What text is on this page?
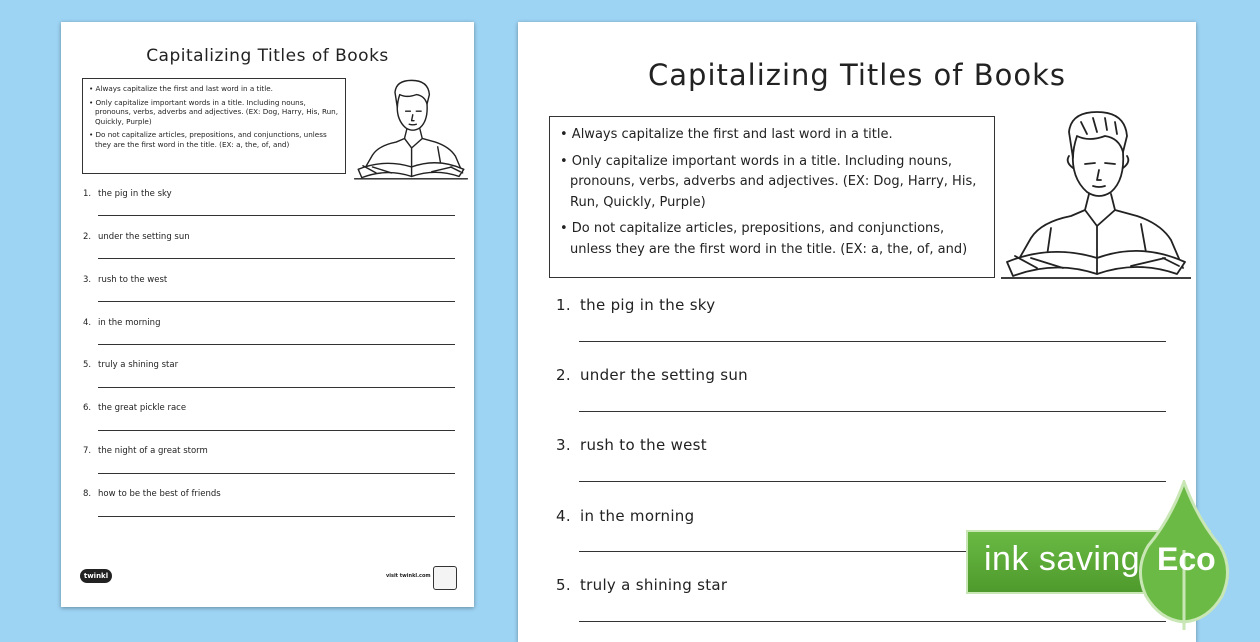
Capitalizing Titles of Books

• Always capitalize the first and last word in a title.

• Only capitalize important words in a title. Including nouns, pronouns, verbs, adverbs and adjectives. (EX: Dog, Harry, His, Run, Quickly, Purple)

• Do not capitalize articles, prepositions, and conjunctions, unless they are the first word in the title. (EX: a, the, of, and)

1. the pig in the sky
2. under the setting sun
3. rush to the west
4. in the morning
5. truly a shining star
6. the great pickle race
7. the night of a great storm
8. how to be the best of friends
twinkl	visit twinkl.com
Capitalizing Titles of Books

• Always capitalize the first and last word in a title.

• Only capitalize important words in a title. Including nouns, pronouns, verbs, adverbs and adjectives. (EX: Dog, Harry, His, Run, Quickly, Purple)

• Do not capitalize articles, prepositions, and conjunctions, unless they are the first word in the title. (EX: a, the, of, and)

1. the pig in the sky
2. under the setting sun
3. rush to the west
4. in the morning
5. truly a shining star
ink saving Eco
